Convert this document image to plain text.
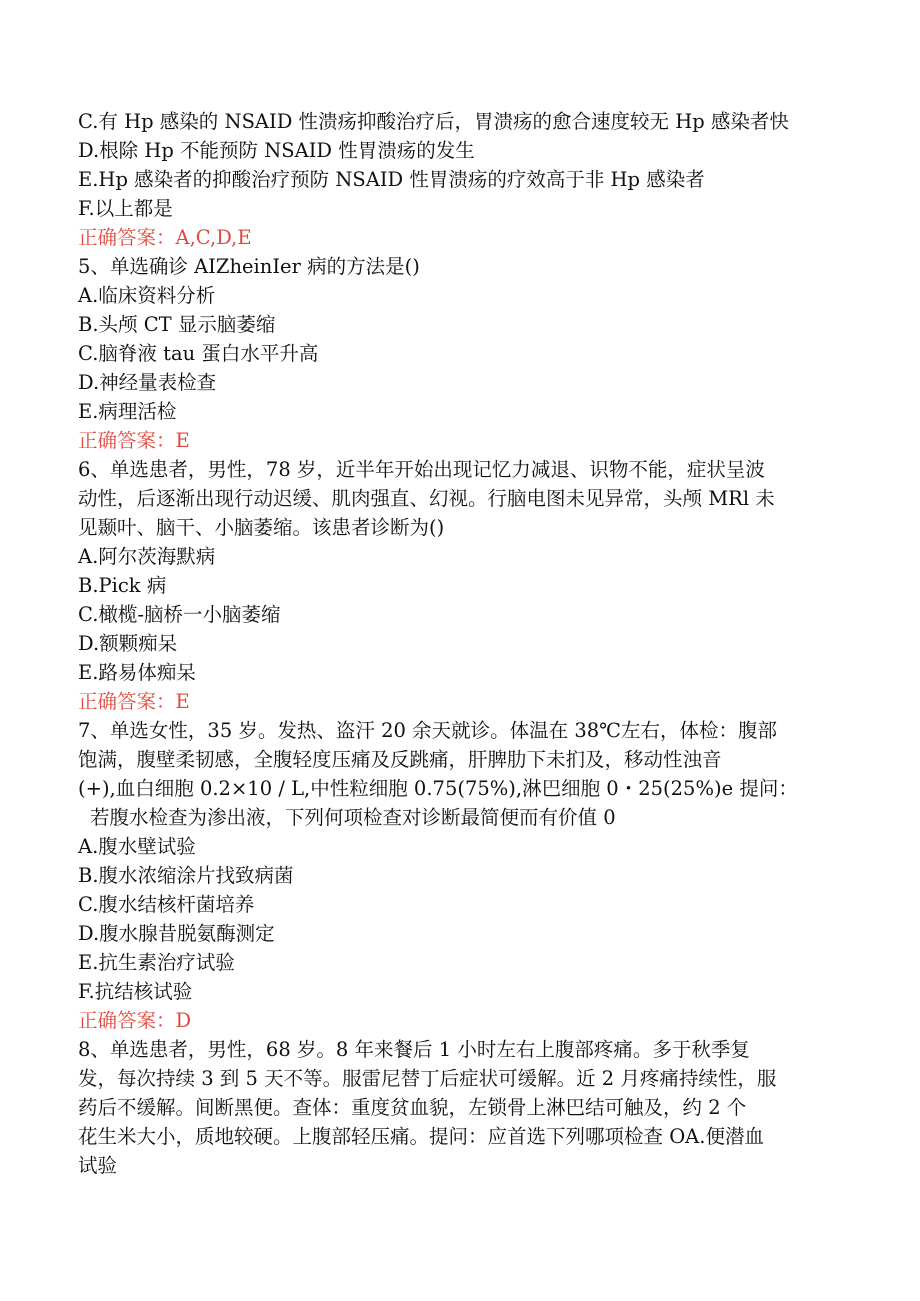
C.有 Hp 感染的 NSAID 性溃疡抑酸治疗后，胃溃疡的愈合速度较无 Hp 感染者快
D.根除 Hp 不能预防 NSAID 性胃溃疡的发生
E.Hp 感染者的抑酸治疗预防 NSAID 性胃溃疡的疗效高于非 Hp 感染者
F.以上都是
正确答案：A,C,D,E
5、单选确诊 AIZheinIer 病的方法是()
A.临床资料分析
B.头颅 CT 显示脑萎缩
C.脑脊液 tau 蛋白水平升高
D.神经量表检查
E.病理活检
正确答案：E
6、单选患者，男性，78 岁，近半年开始出现记忆力减退、识物不能，症状呈波
动性，后逐渐出现行动迟缓、肌肉强直、幻视。行脑电图未见异常，头颅 MRl 未
见颞叶、脑干、小脑萎缩。该患者诊断为()
A.阿尔茨海默病
B.Pick 病
C.橄榄-脑桥一小脑萎缩
D.额颗痴呆
E.路易体痴呆
正确答案：E
7、单选女性，35 岁。发热、盗汗 20 余天就诊。体温在 38℃左右，体检：腹部
饱满，腹壁柔韧感，全腹轻度压痛及反跳痛，肝脾肋下未扪及，移动性浊音
(+),血白细胞 0.2×10 / L,中性粒细胞 0.75(75%),淋巴细胞 0・25(25%)e 提问：
若腹水检查为渗出液，下列何项检查对诊断最简便而有价值 0
A.腹水壁试验
B.腹水浓缩涂片找致病菌
C.腹水结核杆菌培养
D.腹水腺昔脱氨酶测定
E.抗生素治疗试验
F.抗结核试验
正确答案：D
8、单选患者，男性，68 岁。8 年来餐后 1 小时左右上腹部疼痛。多于秋季复
发，每次持续 3 到 5 天不等。服雷尼替丁后症状可缓解。近 2 月疼痛持续性，服
药后不缓解。间断黑便。查体：重度贫血貌，左锁骨上淋巴结可触及，约 2 个
花生米大小，质地较硬。上腹部轻压痛。提问：应首选下列哪项检查 OA.便潜血
试验
